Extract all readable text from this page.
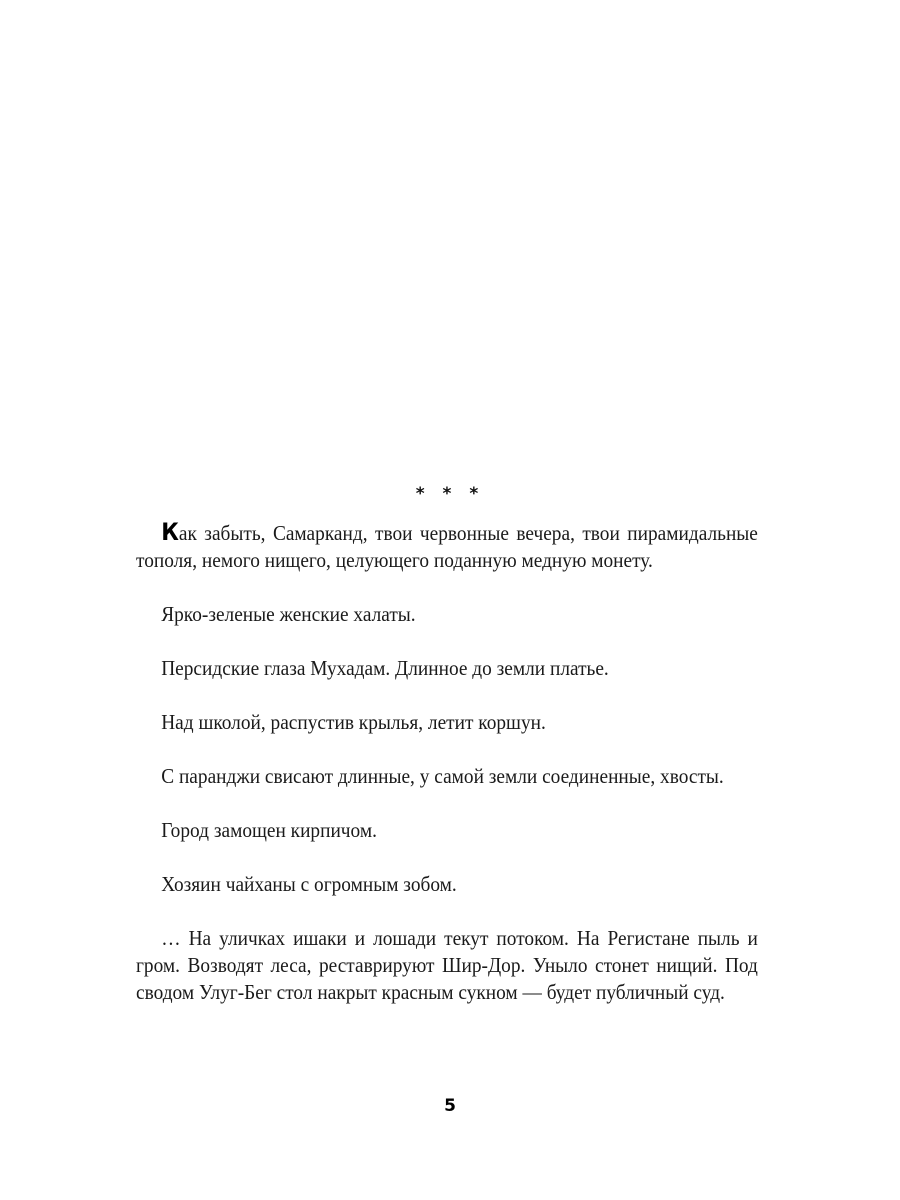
* * *

Как забыть, Самарканд, твои червонные вечера, твои пирамидальные тополя, немого нищего, целующего поданную медную монету.

Ярко-зеленые женские халаты.

Персидские глаза Мухадам. Длинное до земли платье.

Над школой, распустив крылья, летит коршун.

С паранджи свисают длинные, у самой земли соединенные, хвосты.

Город замощен кирпичом.

Хозяин чайханы с огромным зобом.

… На уличках ишаки и лошади текут потоком. На Регистане пыль и гром. Возводят леса, реставрируют Шир-Дор. Уныло стонет нищий. Под сводом Улуг-Бег стол накрыт красным сукном — будет публичный суд.

5
